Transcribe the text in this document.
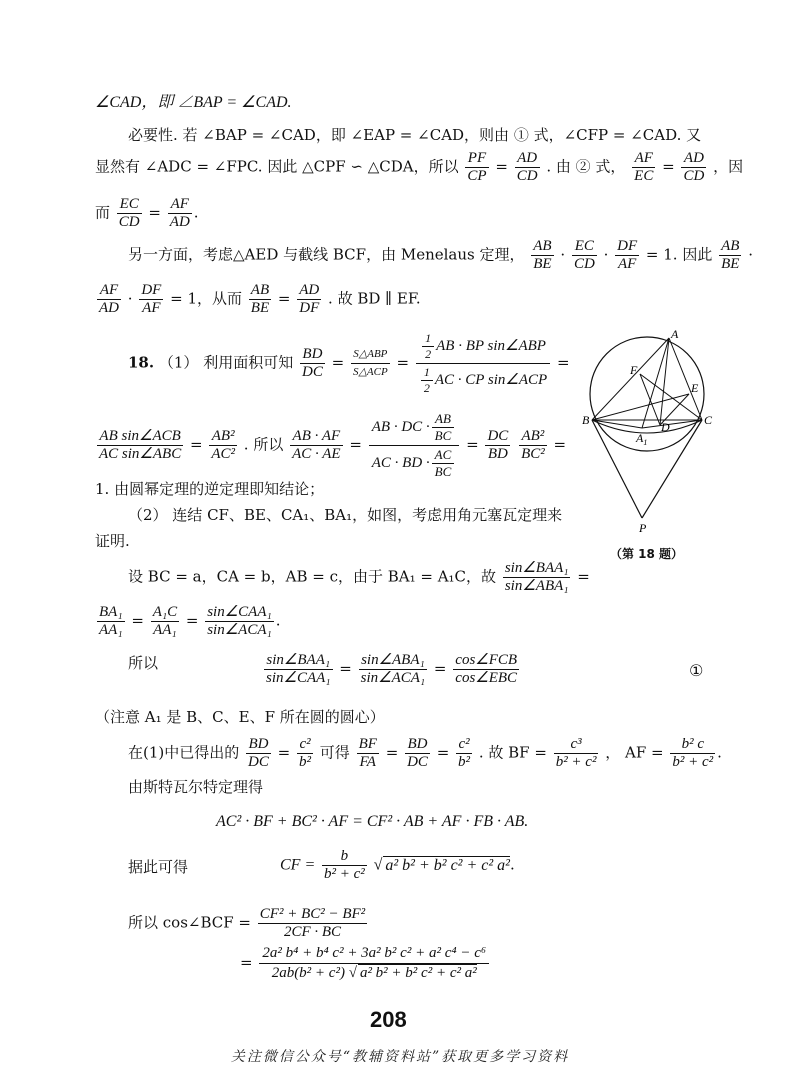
∠CAD，即 ∠BAP = ∠CAD.
必要性. 若 ∠BAP = ∠CAD，即 ∠EAP = ∠CAD，则由 ① 式，∠CFP = ∠CAD. 又
显然有 ∠ADC = ∠FPC. 因此 △CPF ∽ △CDA，所以 $\frac{PF}{CP} = \frac{AD}{CD}$ . 由 ② 式， $\frac{AF}{EC} = \frac{AD}{CD}$ ，因
而 $\frac{EC}{CD} = \frac{AF}{AD}$ .
另一方面，考虑△AED 与截线 BCF，由 Menelaus 定理， $\frac{AB}{BE} \cdot \frac{EC}{CD} \cdot \frac{DF}{AF} = 1$. 因此 $\frac{AB}{BE}$ ·
$\frac{AF}{AD} \cdot \frac{DF}{AF} = 1$，从而 $\frac{AB}{BE} = \frac{AD}{DF}$ . 故 BD ∥ EF.
18. （1） 利用面积可知 $\frac{BD}{DC} = \frac{\text{S△ABP}}{\text{S△ACP}} = \frac{\frac{1}{2} AB \cdot BP \sin\angle ABP}{\frac{1}{2} AC \cdot CP \sin\angle ACP}$ =
$\frac{\text{AB sin∠ACB}}{\text{AC sin∠ABC}} = \frac{\text{AB²}}{\text{AC²}}$ . 所以 $\frac{AB \cdot AF}{AC \cdot AE} = \frac{AB \cdot DC \cdot \frac{AB}{BC}}{AC \cdot BD \cdot \frac{AC}{BC}} = \frac{DC}{BD}$
$\frac{\text{AB²}}{\text{BC²}}$ =
1. 由圆幂定理的逆定理即知结论；
（2） 连结 CF、BE、CA₁、BA₁，如图，考虑用角元塞瓦定理来
证明.
设 BC = a，CA = b，AB = c，由于 BA₁ = A₁C，故 $\frac{\text{sin∠BAA₁}}{\text{sin∠ABA₁}}$ =
$\frac{\text{BA₁}}{\text{AA₁}} = \frac{\text{A₁C}}{\text{AA₁}} = \frac{\text{sin∠CAA₁}}{\text{sin∠ACA₁}}$ .
所以	$\frac{\text{sin∠BAA₁}}{\text{sin∠CAA₁}} = \frac{\text{sin∠ABA₁}}{\text{sin∠ACA₁}} = \frac{\text{cos∠FCB}}{\text{cos∠EBC}}$	①
（注意 A₁ 是 B、C、E、F 所在圆的圆心）
在(1)中已得出的 $\frac{BD}{DC} = \frac{\text{c²}}{\text{b²}}$ 可得 $\frac{BF}{FA} = \frac{BD}{DC} = \frac{\text{c²}}{\text{b²}}$ . 故 BF = $\frac{\text{c³}}{\text{b² + c²}}$ ， AF = $\frac{\text{b² c}}{\text{b² + c²}}$ .
由斯特瓦尔特定理得
AC² · BF + BC² · AF = CF² · AB + AF · FB · AB.
据此可得	CF = $\frac{b}{\text{b² + c²}}$ √ a² b² + b² c² + c² a².
所以 cos∠BCF = $\frac{\text{CF² + BC² − BF²}}{2CF \cdot BC}$
= $\frac{\text{2a² b⁴ + b⁴ c² + 3a² b² c² + a² c⁴ − c⁶}}{\text{2ab(b² + c²) √ a² b² + b² c² + c² a²}}$
A
F
E
B	D	C
$A_1$
P
（第 18 题）
208
关注微信公众号“教辅资料站”获取更多学习资料
